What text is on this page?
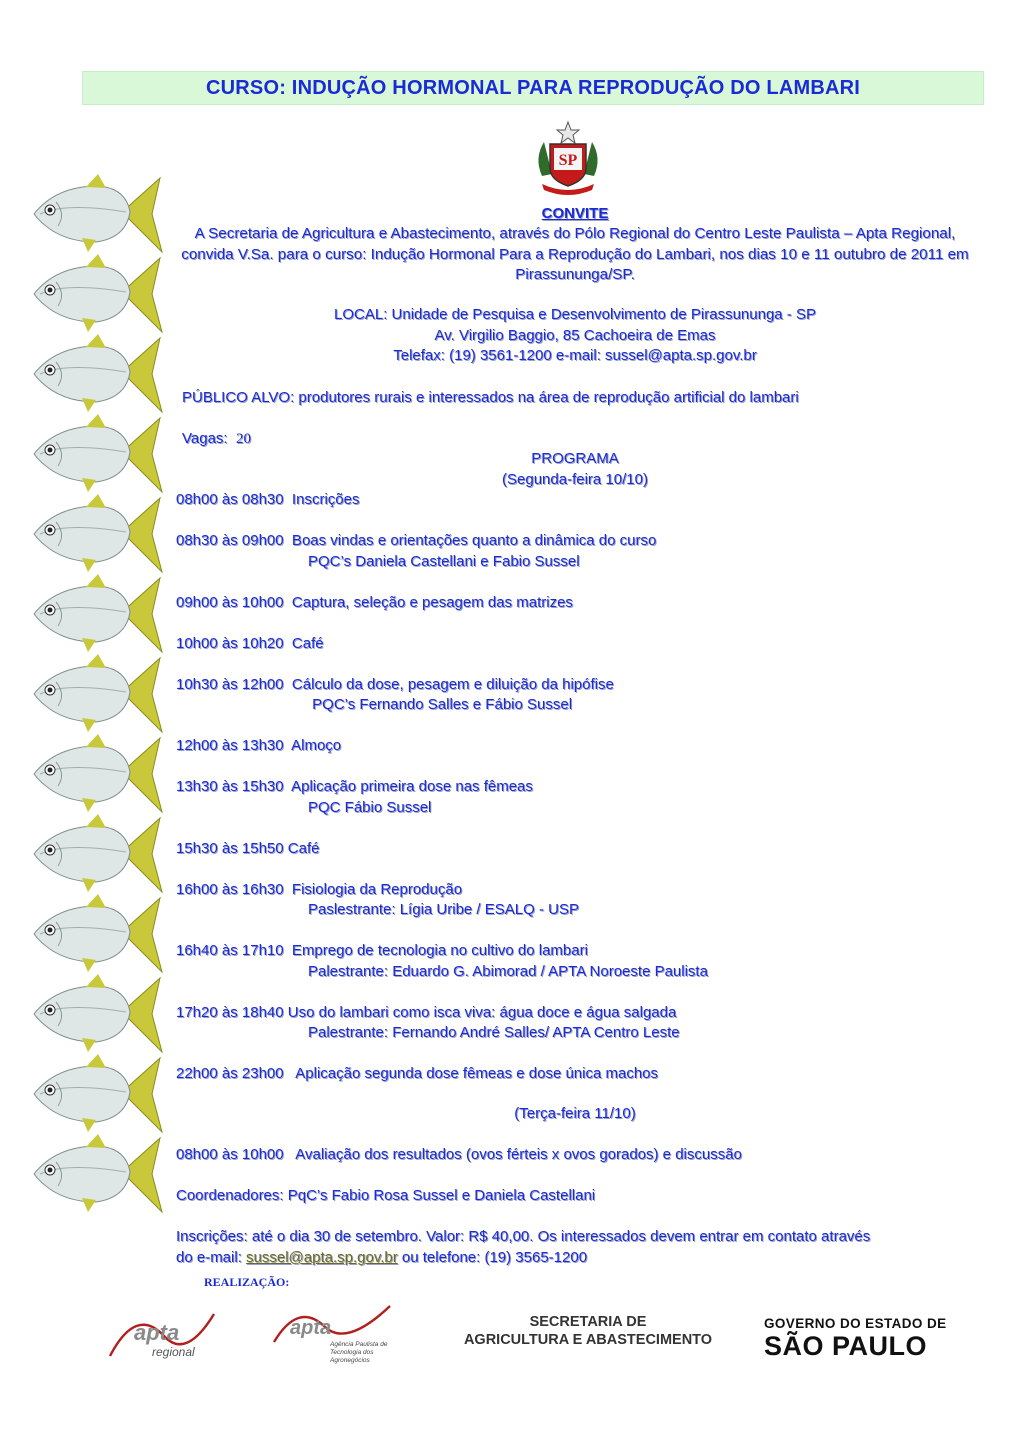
CURSO: INDUÇÃO HORMONAL PARA REPRODUÇÃO DO LAMBARI
SP
CONVITE
A Secretaria de Agricultura e Abastecimento, através do Pólo Regional do Centro Leste Paulista – Apta Regional, convida V.Sa. para o curso: Indução Hormonal Para a Reprodução do Lambari, nos dias 10 e 11 outubro de 2011 em Pirassununga/SP.
LOCAL: Unidade de Pesquisa e Desenvolvimento de Pirassununga - SP
Av. Virgilio Baggio, 85 Cachoeira de Emas
Telefax: (19) 3561-1200 e-mail: sussel@apta.sp.gov.br
PÚBLICO ALVO: produtores rurais e interessados na área de reprodução artificial do lambari
Vagas: 20
PROGRAMA
(Segunda-feira 10/10)
08h00 às 08h30  Inscrições
08h30 às 09h00  Boas vindas e orientações quanto a dinâmica do curso
PQC’s Daniela Castellani e Fabio Sussel
09h00 às 10h00  Captura, seleção e pesagem das matrizes
10h00 às 10h20  Café
10h30 às 12h00  Cálculo da dose, pesagem e diluição da hipófise
PQC’s Fernando Salles e Fábio Sussel
12h00 às 13h30  Almoço
13h30 às 15h30  Aplicação primeira dose nas fêmeas
PQC Fábio Sussel
15h30 às 15h50 Café
16h00 às 16h30  Fisiologia da Reprodução
Paslestrante: Lígia Uribe / ESALQ - USP
16h40 às 17h10  Emprego de tecnologia no cultivo do lambari
Palestrante: Eduardo G. Abimorad / APTA Noroeste Paulista
17h20 às 18h40 Uso do lambari como isca viva: água doce e água salgada
Palestrante: Fernando André Salles/ APTA Centro Leste
22h00 às 23h00   Aplicação segunda dose fêmeas e dose única machos
(Terça-feira 11/10)
08h00 às 10h00   Avaliação dos resultados (ovos férteis x ovos gorados) e discussão
Coordenadores: PqC’s Fabio Rosa Sussel e Daniela Castellani
Inscrições: até o dia 30 de setembro. Valor: R$ 40,00. Os interessados devem entrar em contato através
do e-mail: sussel@apta.sp.gov.br ou telefone: (19) 3565-1200
REALIZAÇÃO:
apta
regional
apta
Agência Paulista de
Tecnologia dos
Agronegócios
SECRETARIA DE
AGRICULTURA E ABASTECIMENTO
GOVERNO DO ESTADO DE
SÃO PAULO
